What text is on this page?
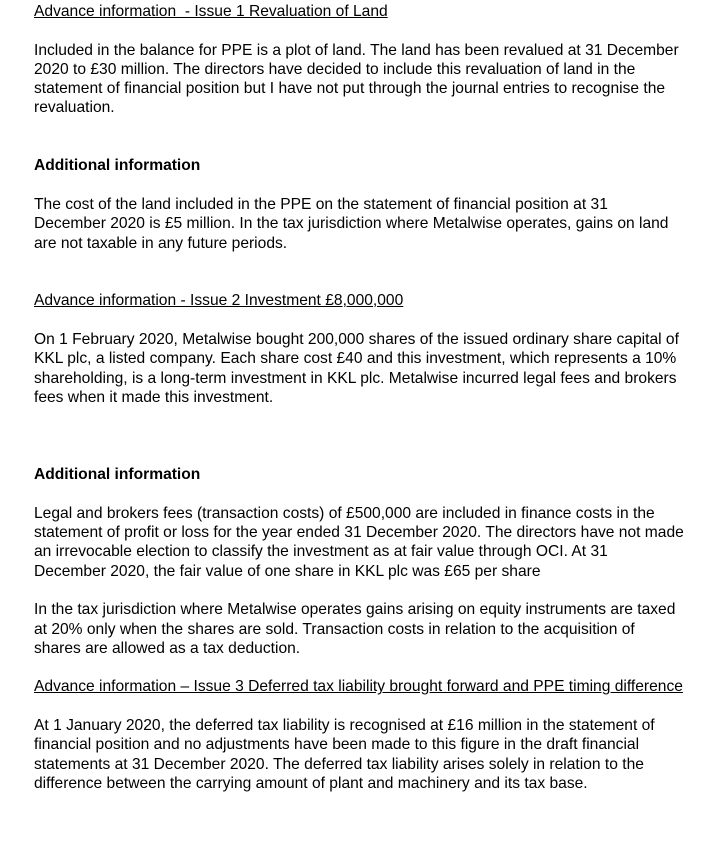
Advance information  - Issue 1 Revaluation of Land

Included in the balance for PPE is a plot of land. The land has been revalued at 31 December 2020 to £30 million. The directors have decided to include this revaluation of land in the statement of financial position but I have not put through the journal entries to recognise the revaluation.

Additional information

The cost of the land included in the PPE on the statement of financial position at 31 December 2020 is £5 million. In the tax jurisdiction where Metalwise operates, gains on land are not taxable in any future periods.

Advance information - Issue 2 Investment £8,000,000

On 1 February 2020, Metalwise bought 200,000 shares of the issued ordinary share capital of KKL plc, a listed company. Each share cost £40 and this investment, which represents a 10% shareholding, is a long-term investment in KKL plc. Metalwise incurred legal fees and brokers fees when it made this investment.

Additional information

Legal and brokers fees (transaction costs) of £500,000 are included in finance costs in the statement of profit or loss for the year ended 31 December 2020. The directors have not made an irrevocable election to classify the investment as at fair value through OCI. At 31 December 2020, the fair value of one share in KKL plc was £65 per share

In the tax jurisdiction where Metalwise operates gains arising on equity instruments are taxed at 20% only when the shares are sold. Transaction costs in relation to the acquisition of shares are allowed as a tax deduction.

Advance information – Issue 3 Deferred tax liability brought forward and PPE timing difference

At 1 January 2020, the deferred tax liability is recognised at £16 million in the statement of financial position and no adjustments have been made to this figure in the draft financial statements at 31 December 2020. The deferred tax liability arises solely in relation to the difference between the carrying amount of plant and machinery and its tax base.
